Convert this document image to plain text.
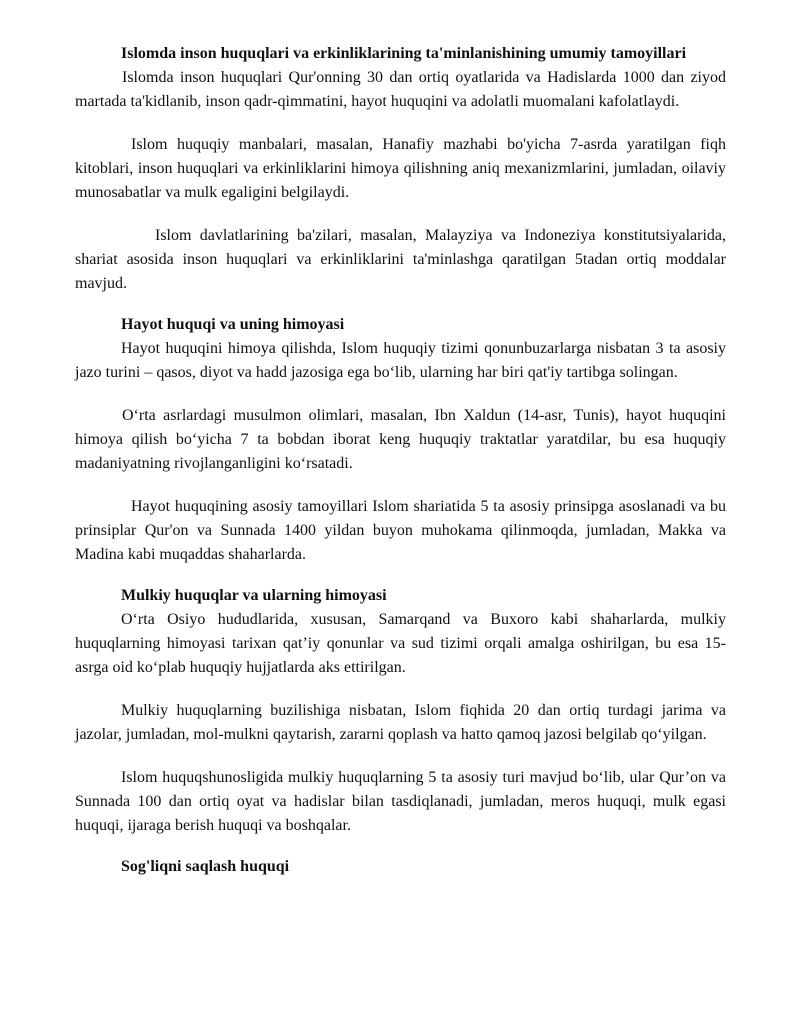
Islomda inson huquqlari va erkinliklarining ta'minlanishining umumiy tamoyillari

Islomda inson huquqlari Qur'onning 30 dan ortiq oyatlarida va Hadislarda 1000 dan ziyod martada ta'kidlanib, inson qadr-qimmatini, hayot huquqini va adolatli muomalani kafolatlaydi.

Islom huquqiy manbalari, masalan, Hanafiy mazhabi bo'yicha 7-asrda yaratilgan fiqh kitoblari, inson huquqlari va erkinliklarini himoya qilishning aniq mexanizmlarini, jumladan, oilaviy munosabatlar va mulk egaligini belgilaydi.

Islom davlatlarining ba'zilari, masalan, Malayziya va Indoneziya konstitutsiyalarida, shariat asosida inson huquqlari va erkinliklarini ta'minlashga qaratilgan 5tadan ortiq moddalar mavjud.

Hayot huquqi va uning himoyasi

Hayot huquqini himoya qilishda, Islom huquqiy tizimi qonunbuzarlarga nisbatan 3 ta asosiy jazo turini – qasos, diyot va hadd jazosiga ega bo‘lib, ularning har biri qat'iy tartibga solingan.

O‘rta asrlardagi musulmon olimlari, masalan, Ibn Xaldun (14-asr, Tunis), hayot huquqini himoya qilish bo‘yicha 7 ta bobdan iborat keng huquqiy traktatlar yaratdilar, bu esa huquqiy madaniyatning rivojlanganligini ko‘rsatadi.

Hayot huquqining asosiy tamoyillari Islom shariatida 5 ta asosiy prinsipga asoslanadi va bu prinsiplar Qur'on va Sunnada 1400 yildan buyon muhokama qilinmoqda, jumladan, Makka va Madina kabi muqaddas shaharlarda.

Mulkiy huquqlar va ularning himoyasi

O‘rta Osiyo hududlarida, xususan, Samarqand va Buxoro kabi shaharlarda, mulkiy huquqlarning himoyasi tarixan qat’iy qonunlar va sud tizimi orqali amalga oshirilgan, bu esa 15-asrga oid ko‘plab huquqiy hujjatlarda aks ettirilgan.

Mulkiy huquqlarning buzilishiga nisbatan, Islom fiqhida 20 dan ortiq turdagi jarima va jazolar, jumladan, mol-mulkni qaytarish, zararni qoplash va hatto qamoq jazosi belgilab qo‘yilgan.

Islom huquqshunosligida mulkiy huquqlarning 5 ta asosiy turi mavjud bo‘lib, ular Qur’on va Sunnada 100 dan ortiq oyat va hadislar bilan tasdiqlanadi, jumladan, meros huquqi, mulk egasi huquqi, ijaraga berish huquqi va boshqalar.

Sog'liqni saqlash huquqi
